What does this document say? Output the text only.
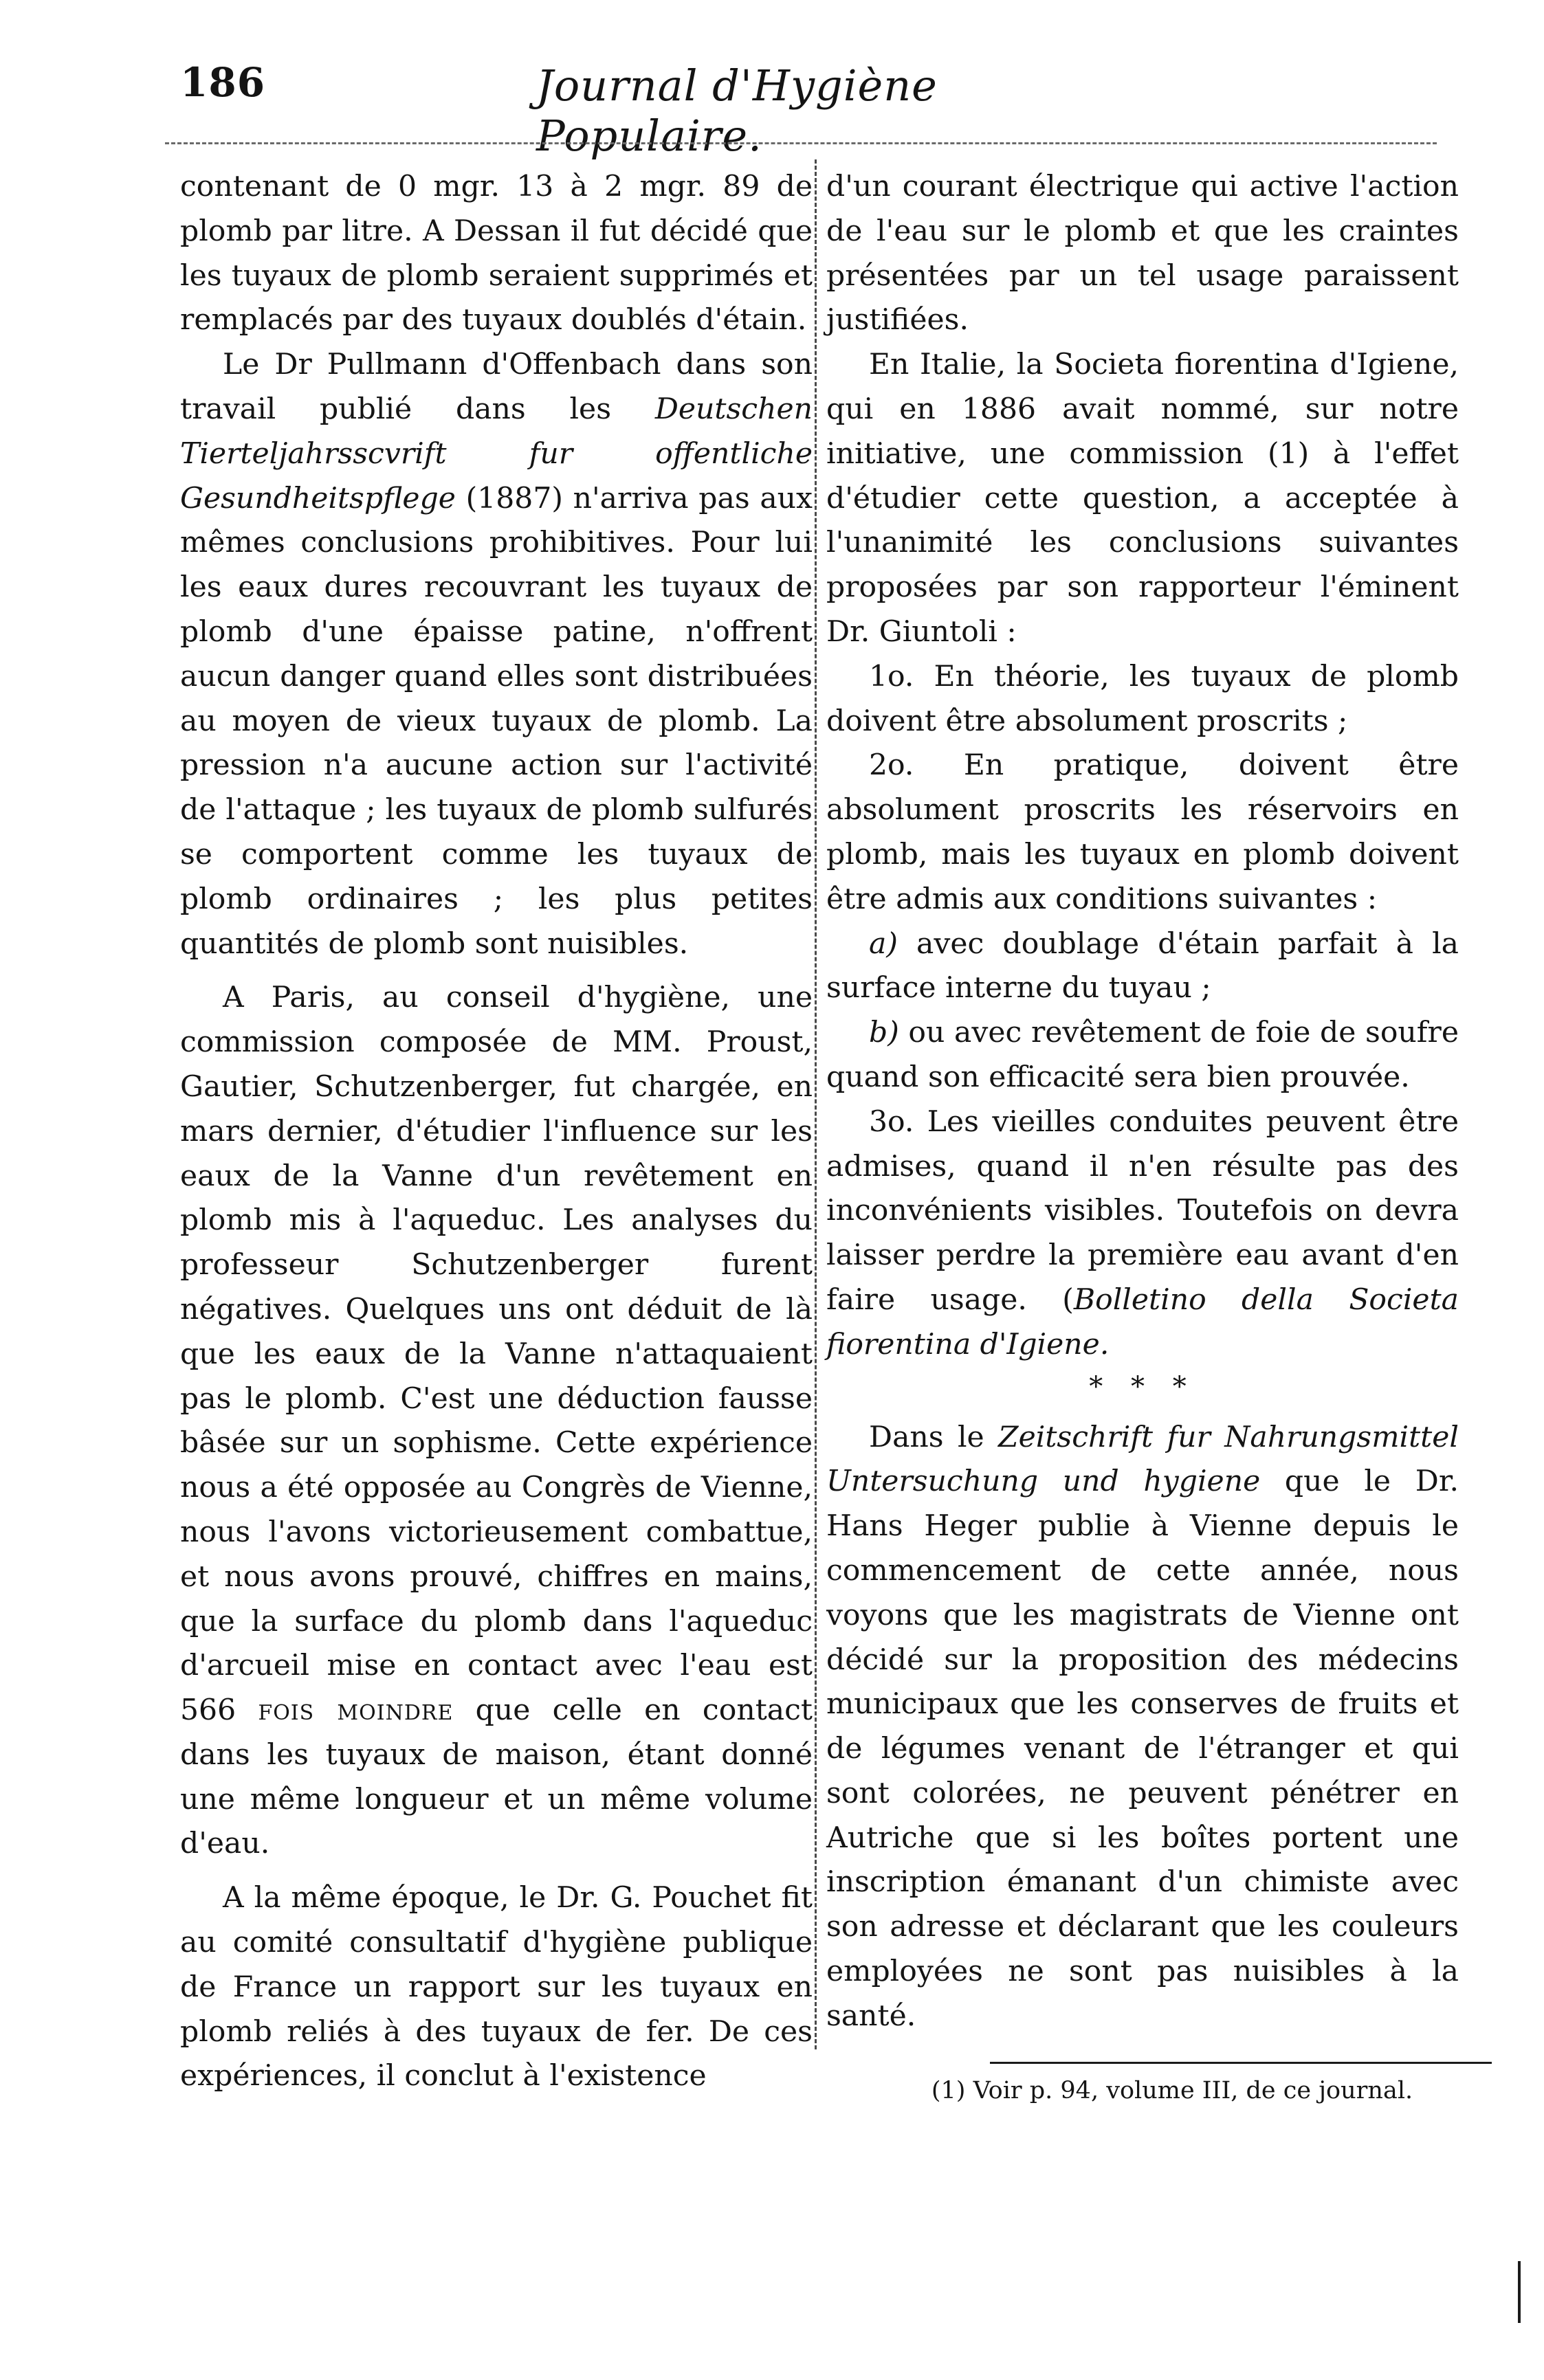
186	Journal d'Hygiène Populaire.

contenant de 0 mgr. 13 à 2 mgr. 89 de plomb par litre. A Dessan il fut décidé que les tuyaux de plomb seraient supprimés et remplacés par des tuyaux doublés d'étain.

Le Dr Pullmann d'Offenbach dans son travail publié dans les Deutschen Tierteljahrsscvrift fur offentliche Gesundheitspflege (1887) n'arriva pas aux mêmes conclusions prohibitives. Pour lui les eaux dures recouvrant les tuyaux de plomb d'une épaisse patine, n'offrent aucun danger quand elles sont distribuées au moyen de vieux tuyaux de plomb. La pression n'a aucune action sur l'activité de l'attaque ; les tuyaux de plomb sulfurés se comportent comme les tuyaux de plomb ordinaires ; les plus petites quantités de plomb sont nuisibles.

A Paris, au conseil d'hygiène, une commission composée de MM. Proust, Gautier, Schutzenberger, fut chargée, en mars dernier, d'étudier l'influence sur les eaux de la Vanne d'un revêtement en plomb mis à l'aqueduc. Les analyses du professeur Schutzenberger furent négatives. Quelques uns ont déduit de là que les eaux de la Vanne n'attaquaient pas le plomb. C'est une déduction fausse bâsée sur un sophisme. Cette expérience nous a été opposée au Congrès de Vienne, nous l'avons victorieusement combattue, et nous avons prouvé, chiffres en mains, que la surface du plomb dans l'aqueduc d'arcueil mise en contact avec l'eau est 566 fois moindre que celle en contact dans les tuyaux de maison, étant donné une même longueur et un même volume d'eau.

A la même époque, le Dr. G. Pouchet fit au comité consultatif d'hygiène publique de France un rapport sur les tuyaux en plomb reliés à des tuyaux de fer. De ces expériences, il conclut à l'existence

d'un courant électrique qui active l'action de l'eau sur le plomb et que les craintes présentées par un tel usage paraissent justifiées.

En Italie, la Societa fiorentina d'Igiene, qui en 1886 avait nommé, sur notre initiative, une commission (1) à l'effet d'étudier cette question, a acceptée à l'unanimité les conclusions suivantes proposées par son rapporteur l'éminent Dr. Giuntoli :

1o. En théorie, les tuyaux de plomb doivent être absolument proscrits ;

2o. En pratique, doivent être absolument proscrits les réservoirs en plomb, mais les tuyaux en plomb doivent être admis aux conditions suivantes :

a) avec doublage d'étain parfait à la surface interne du tuyau ;

b) ou avec revêtement de foie de soufre quand son efficacité sera bien prouvée.

3o. Les vieilles conduites peuvent être admises, quand il n'en résulte pas des inconvénients visibles. Toutefois on devra laisser perdre la première eau avant d'en faire usage. (Bolletino della Societa fiorentina d'Igiene.

* * *

Dans le Zeitschrift fur Nahrungsmittel Untersuchung und hygiene que le Dr. Hans Heger publie à Vienne depuis le commencement de cette année, nous voyons que les magistrats de Vienne ont décidé sur la proposition des médecins municipaux que les conserves de fruits et de légumes venant de l'étranger et qui sont colorées, ne peuvent pénétrer en Autriche que si les boîtes portent une inscription émanant d'un chimiste avec son adresse et déclarant que les couleurs employées ne sont pas nuisibles à la santé.

(1) Voir p. 94, volume III, de ce journal.
